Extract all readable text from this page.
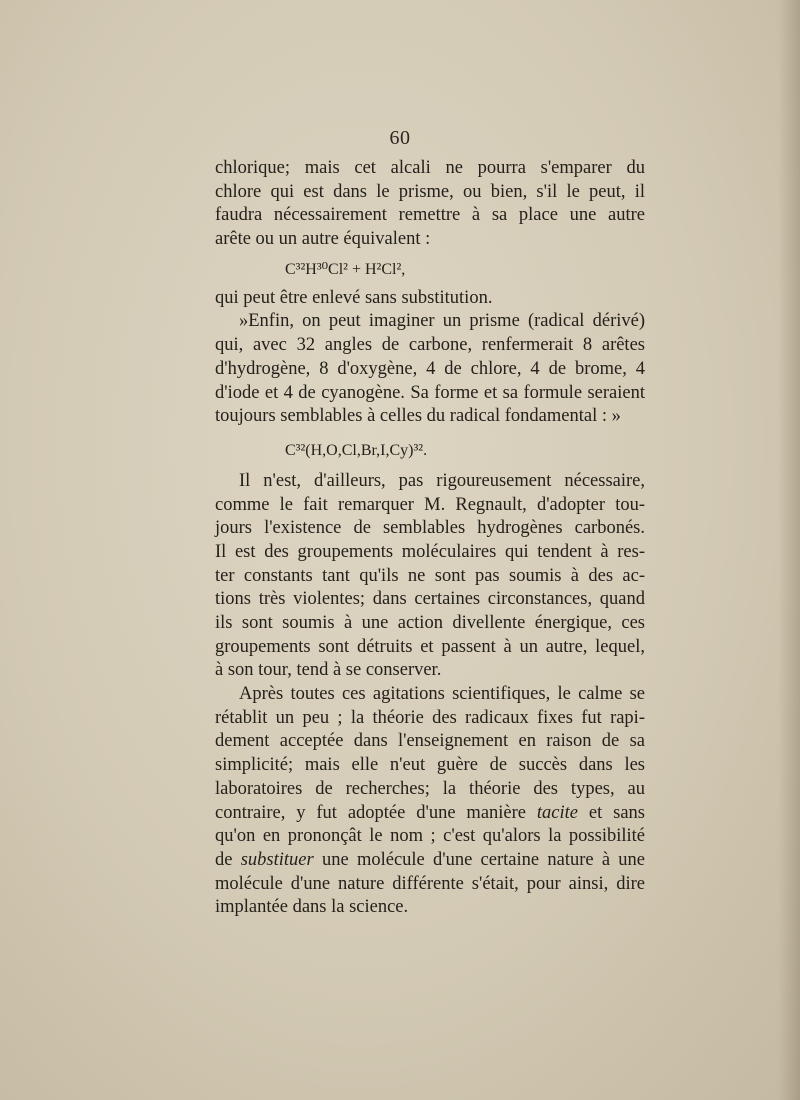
60
chlorique; mais cet alcali ne pourra s'emparer du
chlore qui est dans le prisme, ou bien, s'il le peut, il
faudra nécessairement remettre à sa place une autre
arête ou un autre équivalent :
C³²H³⁰Cl² + H²Cl²,
qui peut être enlevé sans substitution.
»Enfin, on peut imaginer un prisme (radical dérivé)
qui, avec 32 angles de carbone, renfermerait 8 arêtes
d'hydrogène, 8 d'oxygène, 4 de chlore, 4 de brome, 4
d'iode et 4 de cyanogène. Sa forme et sa formule seraient
toujours semblables à celles du radical fondamental : »
C³²(H,O,Cl,Br,I,Cy)³².
Il n'est, d'ailleurs, pas rigoureusement nécessaire,
comme le fait remarquer M. Regnault, d'adopter tou-
jours l'existence de semblables hydrogènes carbonés.
Il est des groupements moléculaires qui tendent à res-
ter constants tant qu'ils ne sont pas soumis à des ac-
tions très violentes; dans certaines circonstances, quand
ils sont soumis à une action divellente énergique, ces
groupements sont détruits et passent à un autre, lequel,
à son tour, tend à se conserver.
Après toutes ces agitations scientifiques, le calme se
rétablit un peu ; la théorie des radicaux fixes fut rapi-
dement acceptée dans l'enseignement en raison de sa
simplicité; mais elle n'eut guère de succès dans les
laboratoires de recherches; la théorie des types, au
contraire, y fut adoptée d'une manière tacite et sans
qu'on en prononçât le nom ; c'est qu'alors la possibilité
de substituer une molécule d'une certaine nature à une
molécule d'une nature différente s'était, pour ainsi, dire
implantée dans la science.
